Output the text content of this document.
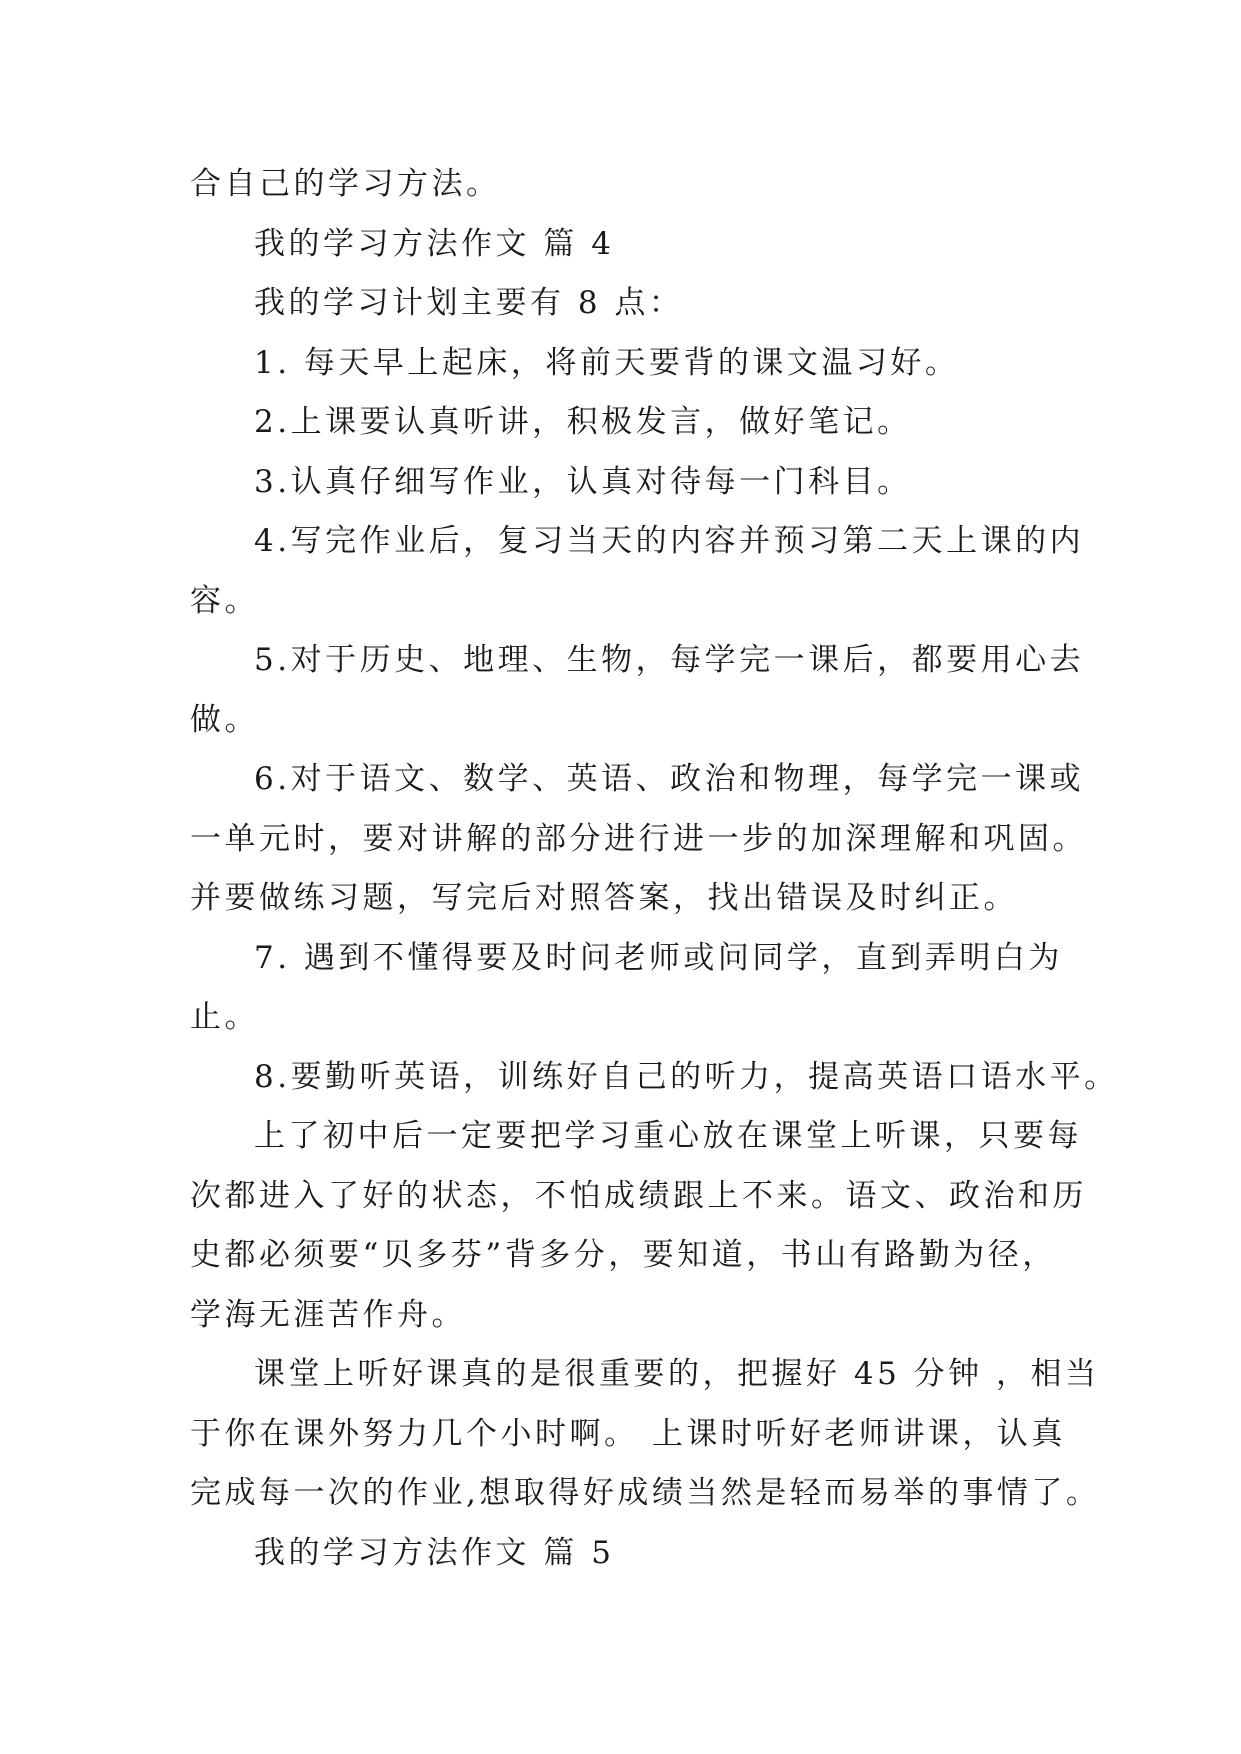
合自己的学习方法。
我的学习方法作文 篇 4
我的学习计划主要有 8 点：
1. 每天早上起床，将前天要背的课文温习好。
2.上课要认真听讲，积极发言，做好笔记。
3.认真仔细写作业，认真对待每一门科目。
4.写完作业后，复习当天的内容并预习第二天上课的内
容。
5.对于历史、地理、生物，每学完一课后，都要用心去
做。
6.对于语文、数学、英语、政治和物理，每学完一课或
一单元时，要对讲解的部分进行进一步的加深理解和巩固。
并要做练习题，写完后对照答案，找出错误及时纠正。
7. 遇到不懂得要及时问老师或问同学，直到弄明白为
止。
8.要勤听英语，训练好自己的听力，提高英语口语水平。
上了初中后一定要把学习重心放在课堂上听课，只要每
次都进入了好的状态，不怕成绩跟上不来。语文、政治和历
史都必须要“贝多芬”背多分，要知道，书山有路勤为径，
学海无涯苦作舟。
课堂上听好课真的是很重要的，把握好 45 分钟 ，相当
于你在课外努力几个小时啊。 上课时听好老师讲课，认真
完成每一次的作业,想取得好成绩当然是轻而易举的事情了。
我的学习方法作文 篇 5
